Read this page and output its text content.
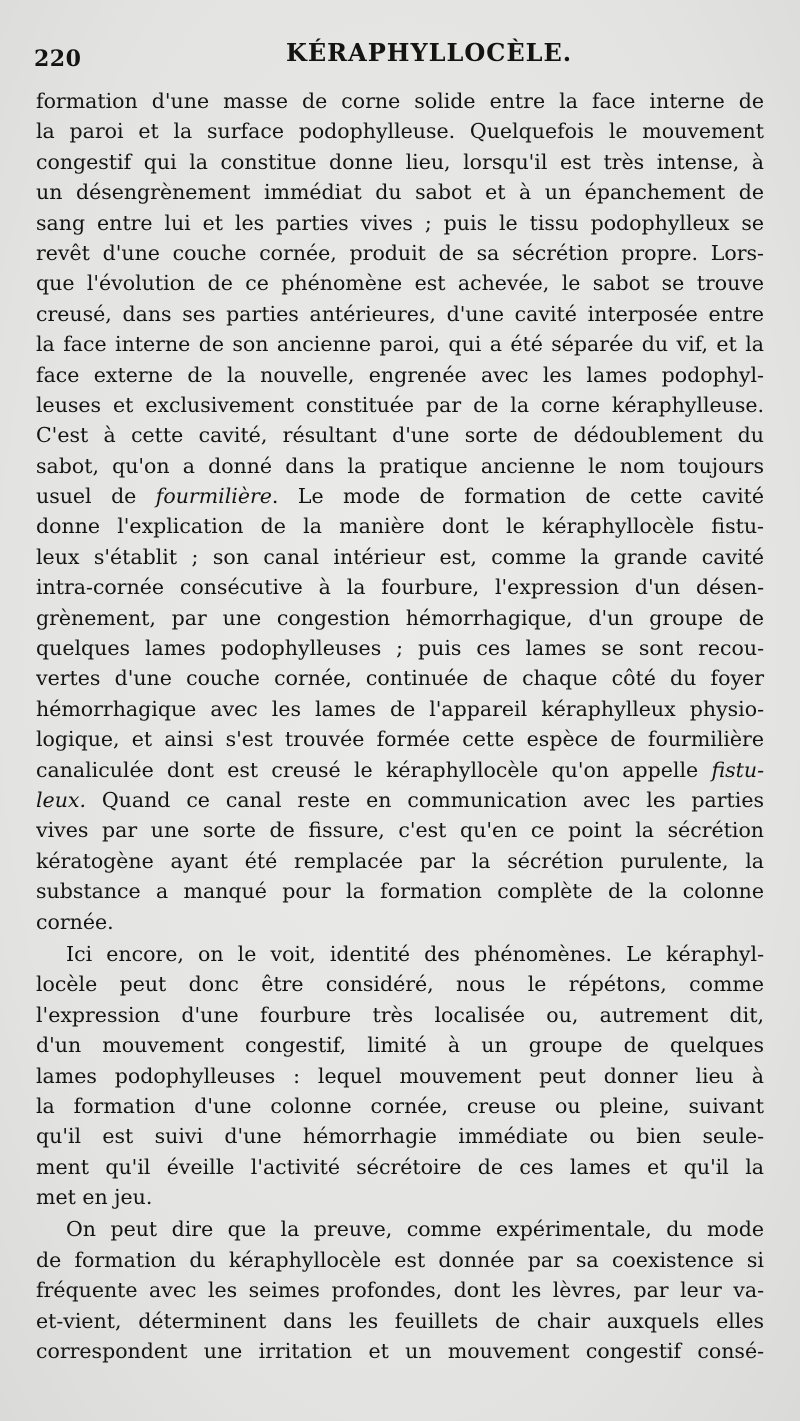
220	KÉRAPHYLLOCÈLE.
formation d'une masse de corne solide entre la face interne de
la paroi et la surface podophylleuse. Quelquefois le mouvement
congestif qui la constitue donne lieu, lorsqu'il est très intense, à
un désengrènement immédiat du sabot et à un épanchement de
sang entre lui et les parties vives ; puis le tissu podophylleux se
revêt d'une couche cornée, produit de sa sécrétion propre. Lors-
que l'évolution de ce phénomène est achevée, le sabot se trouve
creusé, dans ses parties antérieures, d'une cavité interposée entre
la face interne de son ancienne paroi, qui a été séparée du vif, et la
face externe de la nouvelle, engrenée avec les lames podophyl-
leuses et exclusivement constituée par de la corne kéraphylleuse.
C'est à cette cavité, résultant d'une sorte de dédoublement du
sabot, qu'on a donné dans la pratique ancienne le nom toujours
usuel de fourmilière. Le mode de formation de cette cavité
donne l'explication de la manière dont le kéraphyllocèle fistu-
leux s'établit ; son canal intérieur est, comme la grande cavité
intra-cornée consécutive à la fourbure, l'expression d'un désen-
grènement, par une congestion hémorrhagique, d'un groupe de
quelques lames podophylleuses ; puis ces lames se sont recou-
vertes d'une couche cornée, continuée de chaque côté du foyer
hémorrhagique avec les lames de l'appareil kéraphylleux physio-
logique, et ainsi s'est trouvée formée cette espèce de fourmilière
canaliculée dont est creusé le kéraphyllocèle qu'on appelle fistu-
leux. Quand ce canal reste en communication avec les parties
vives par une sorte de fissure, c'est qu'en ce point la sécrétion
kératogène ayant été remplacée par la sécrétion purulente, la
substance a manqué pour la formation complète de la colonne
cornée.
Ici encore, on le voit, identité des phénomènes. Le kéraphyl-
locèle peut donc être considéré, nous le répétons, comme
l'expression d'une fourbure très localisée ou, autrement dit,
d'un mouvement congestif, limité à un groupe de quelques
lames podophylleuses : lequel mouvement peut donner lieu à
la formation d'une colonne cornée, creuse ou pleine, suivant
qu'il est suivi d'une hémorrhagie immédiate ou bien seule-
ment qu'il éveille l'activité sécrétoire de ces lames et qu'il la
met en jeu.
On peut dire que la preuve, comme expérimentale, du mode
de formation du kéraphyllocèle est donnée par sa coexistence si
fréquente avec les seimes profondes, dont les lèvres, par leur va-
et-vient, déterminent dans les feuillets de chair auxquels elles
correspondent une irritation et un mouvement congestif consé-
